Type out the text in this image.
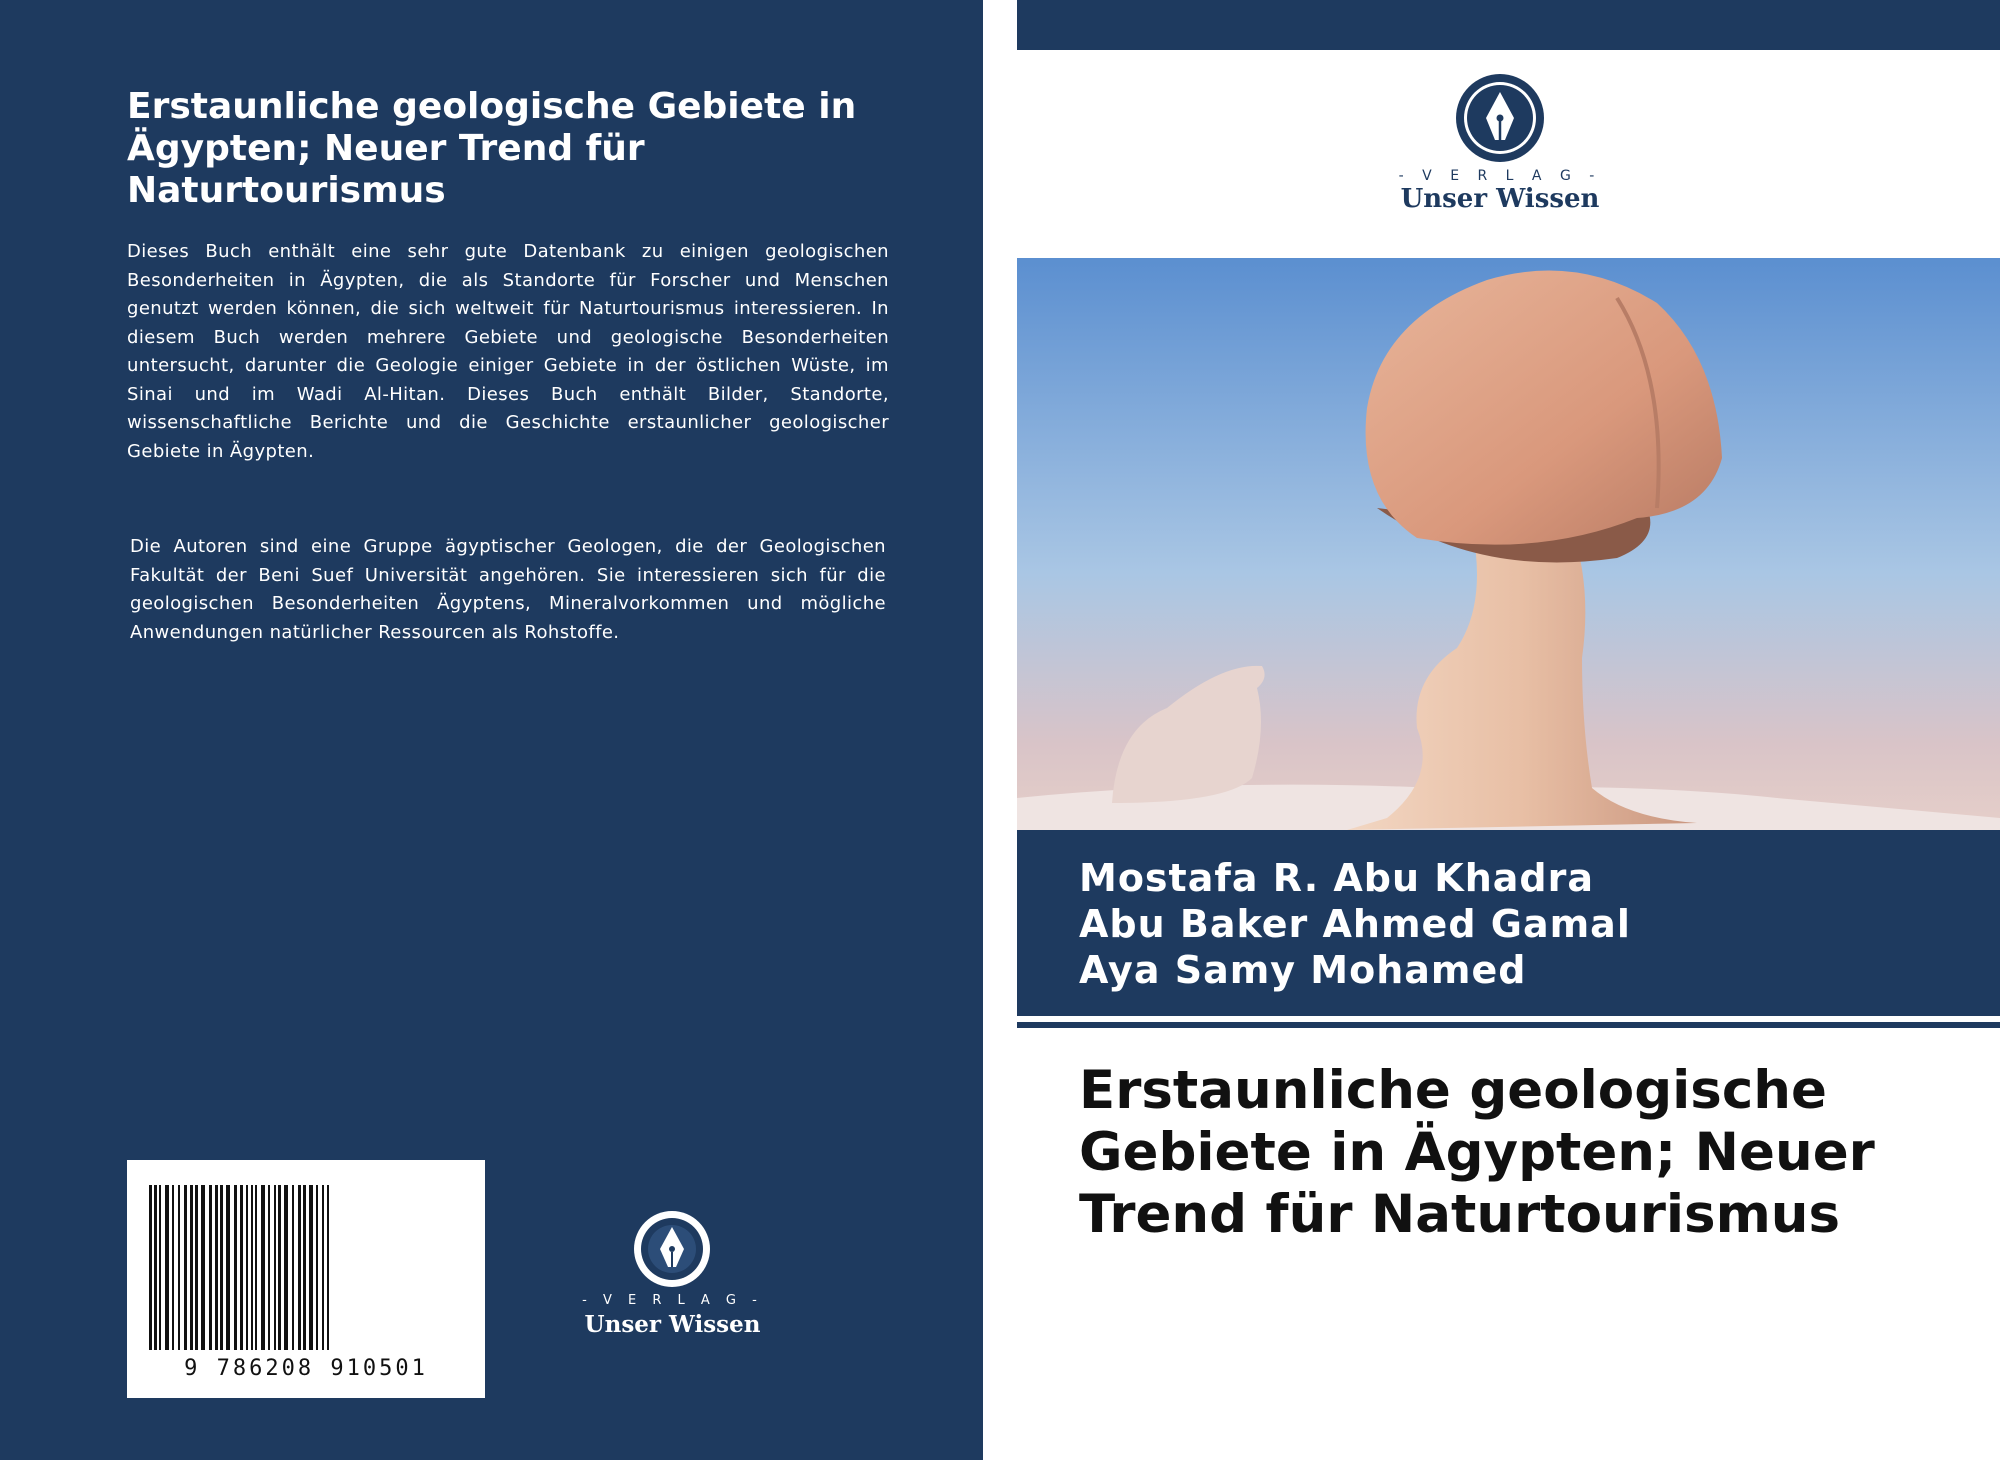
Erstaunliche geologische Gebiete in Ägypten; Neuer Trend für Naturtourismus

Dieses Buch enthält eine sehr gute Datenbank zu einigen geologischen Besonderheiten in Ägypten, die als Standorte für Forscher und Menschen genutzt werden können, die sich weltweit für Naturtourismus interessieren. In diesem Buch werden mehrere Gebiete und geologische Besonderheiten untersucht, darunter die Geologie einiger Gebiete in der östlichen Wüste, im Sinai und im Wadi Al-Hitan. Dieses Buch enthält Bilder, Standorte, wissenschaftliche Berichte und die Geschichte erstaunlicher geologischer Gebiete in Ägypten.

Die Autoren sind eine Gruppe ägyptischer Geologen, die der Geologischen Fakultät der Beni Suef Universität angehören. Sie interessieren sich für die geologischen Besonderheiten Ägyptens, Mineralvorkommen und mögliche Anwendungen natürlicher Ressourcen als Rohstoffe.

9 786208 910501
- V E R L A G -
Unser Wissen
- V E R L A G -
Unser Wissen
Mostafa R. Abu Khadra
Abu Baker Ahmed Gamal
Aya Samy Mohamed
Erstaunliche geologische Gebiete in Ägypten; Neuer Trend für Naturtourismus
